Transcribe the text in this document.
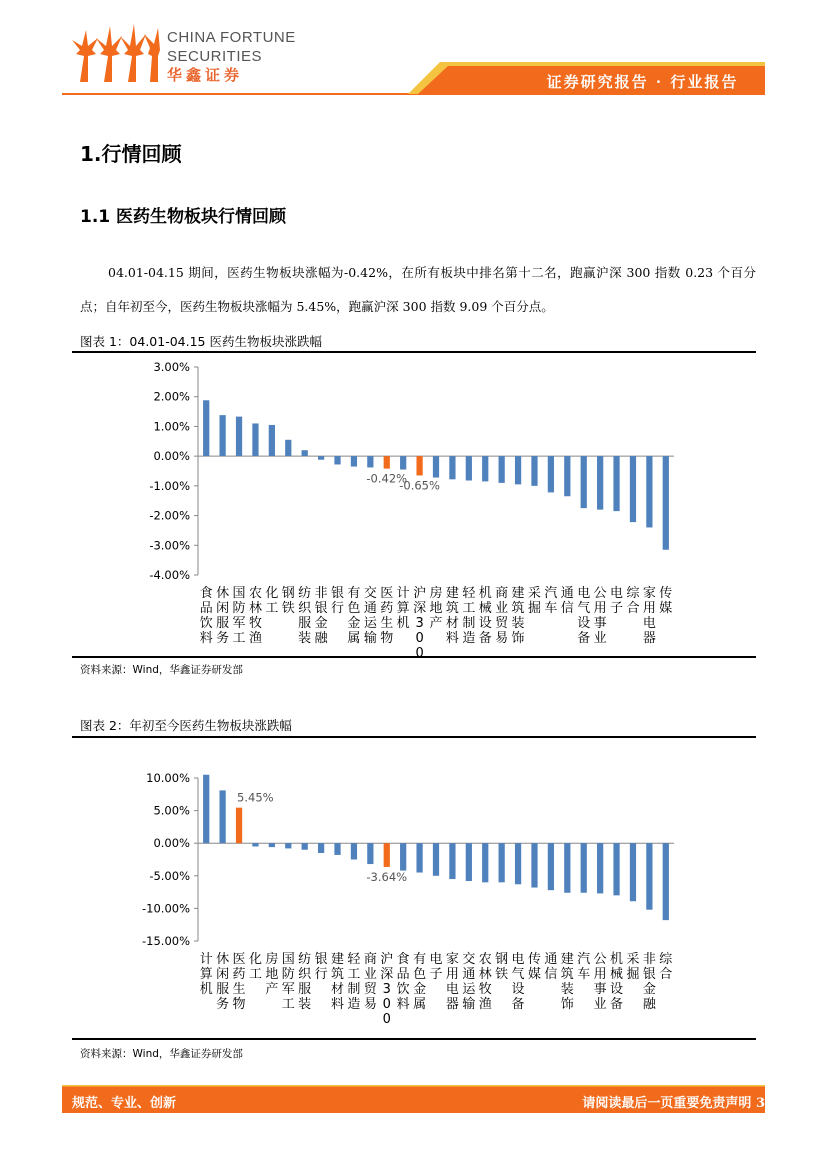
CHINA FORTUNE
SECURITIES
华鑫证券	证券研究报告 · 行业报告
1.行情回顾
1.1 医药生物板块行情回顾
04.01-04.15 期间，医药生物板块涨幅为-0.42%，在所有板块中排名第十二名，跑赢沪深 300 指数 0.23 个百分点；自年初至今，医药生物板块涨幅为 5.45%，跑赢沪深 300 指数 9.09 个百分点。
图表 1：04.01-04.15 医药生物板块涨跌幅
3.00%
2.00%
1.00%
0.00%
-1.00%
-2.00%
-3.00%
-4.00%
食
品
饮
料
休
闲
服
务
国
防
军
工
农
林
牧
渔
化
工
钢
铁
纺
织
服
装
非
银
金
融
银
行
有
色
金
属
交
通
运
输
医
药
生
物
计
算
机
沪
深
3
0
0
房
地
产
建
筑
材
料
轻
工
制
造
机
械
设
备
商
业
贸
易
建
筑
装
饰
采
掘
汽
车
通
信
电
气
设
备
公
用
事
业
电
子
综
合
家
用
电
器
传
媒
-0.42%
-0.65%
资料来源：Wind，华鑫证券研发部
图表 2：年初至今医药生物板块涨跌幅
10.00%
5.00%
0.00%
-5.00%
-10.00%
-15.00%
计
算
机
休
闲
服
务
医
药
生
物
化
工
房
地
产
国
防
军
工
纺
织
服
装
银
行
建
筑
材
料
轻
工
制
造
商
业
贸
易
沪
深
3
0
0
食
品
饮
料
有
色
金
属
电
子
家
用
电
器
交
通
运
输
农
林
牧
渔
钢
铁
电
气
设
备
传
媒
通
信
建
筑
装
饰
汽
车
公
用
事
业
机
械
设
备
采
掘
非
银
金
融
综
合
5.45%
-3.64%
资料来源：Wind，华鑫证券研发部
规范、专业、创新	请阅读最后一页重要免责声明 3
